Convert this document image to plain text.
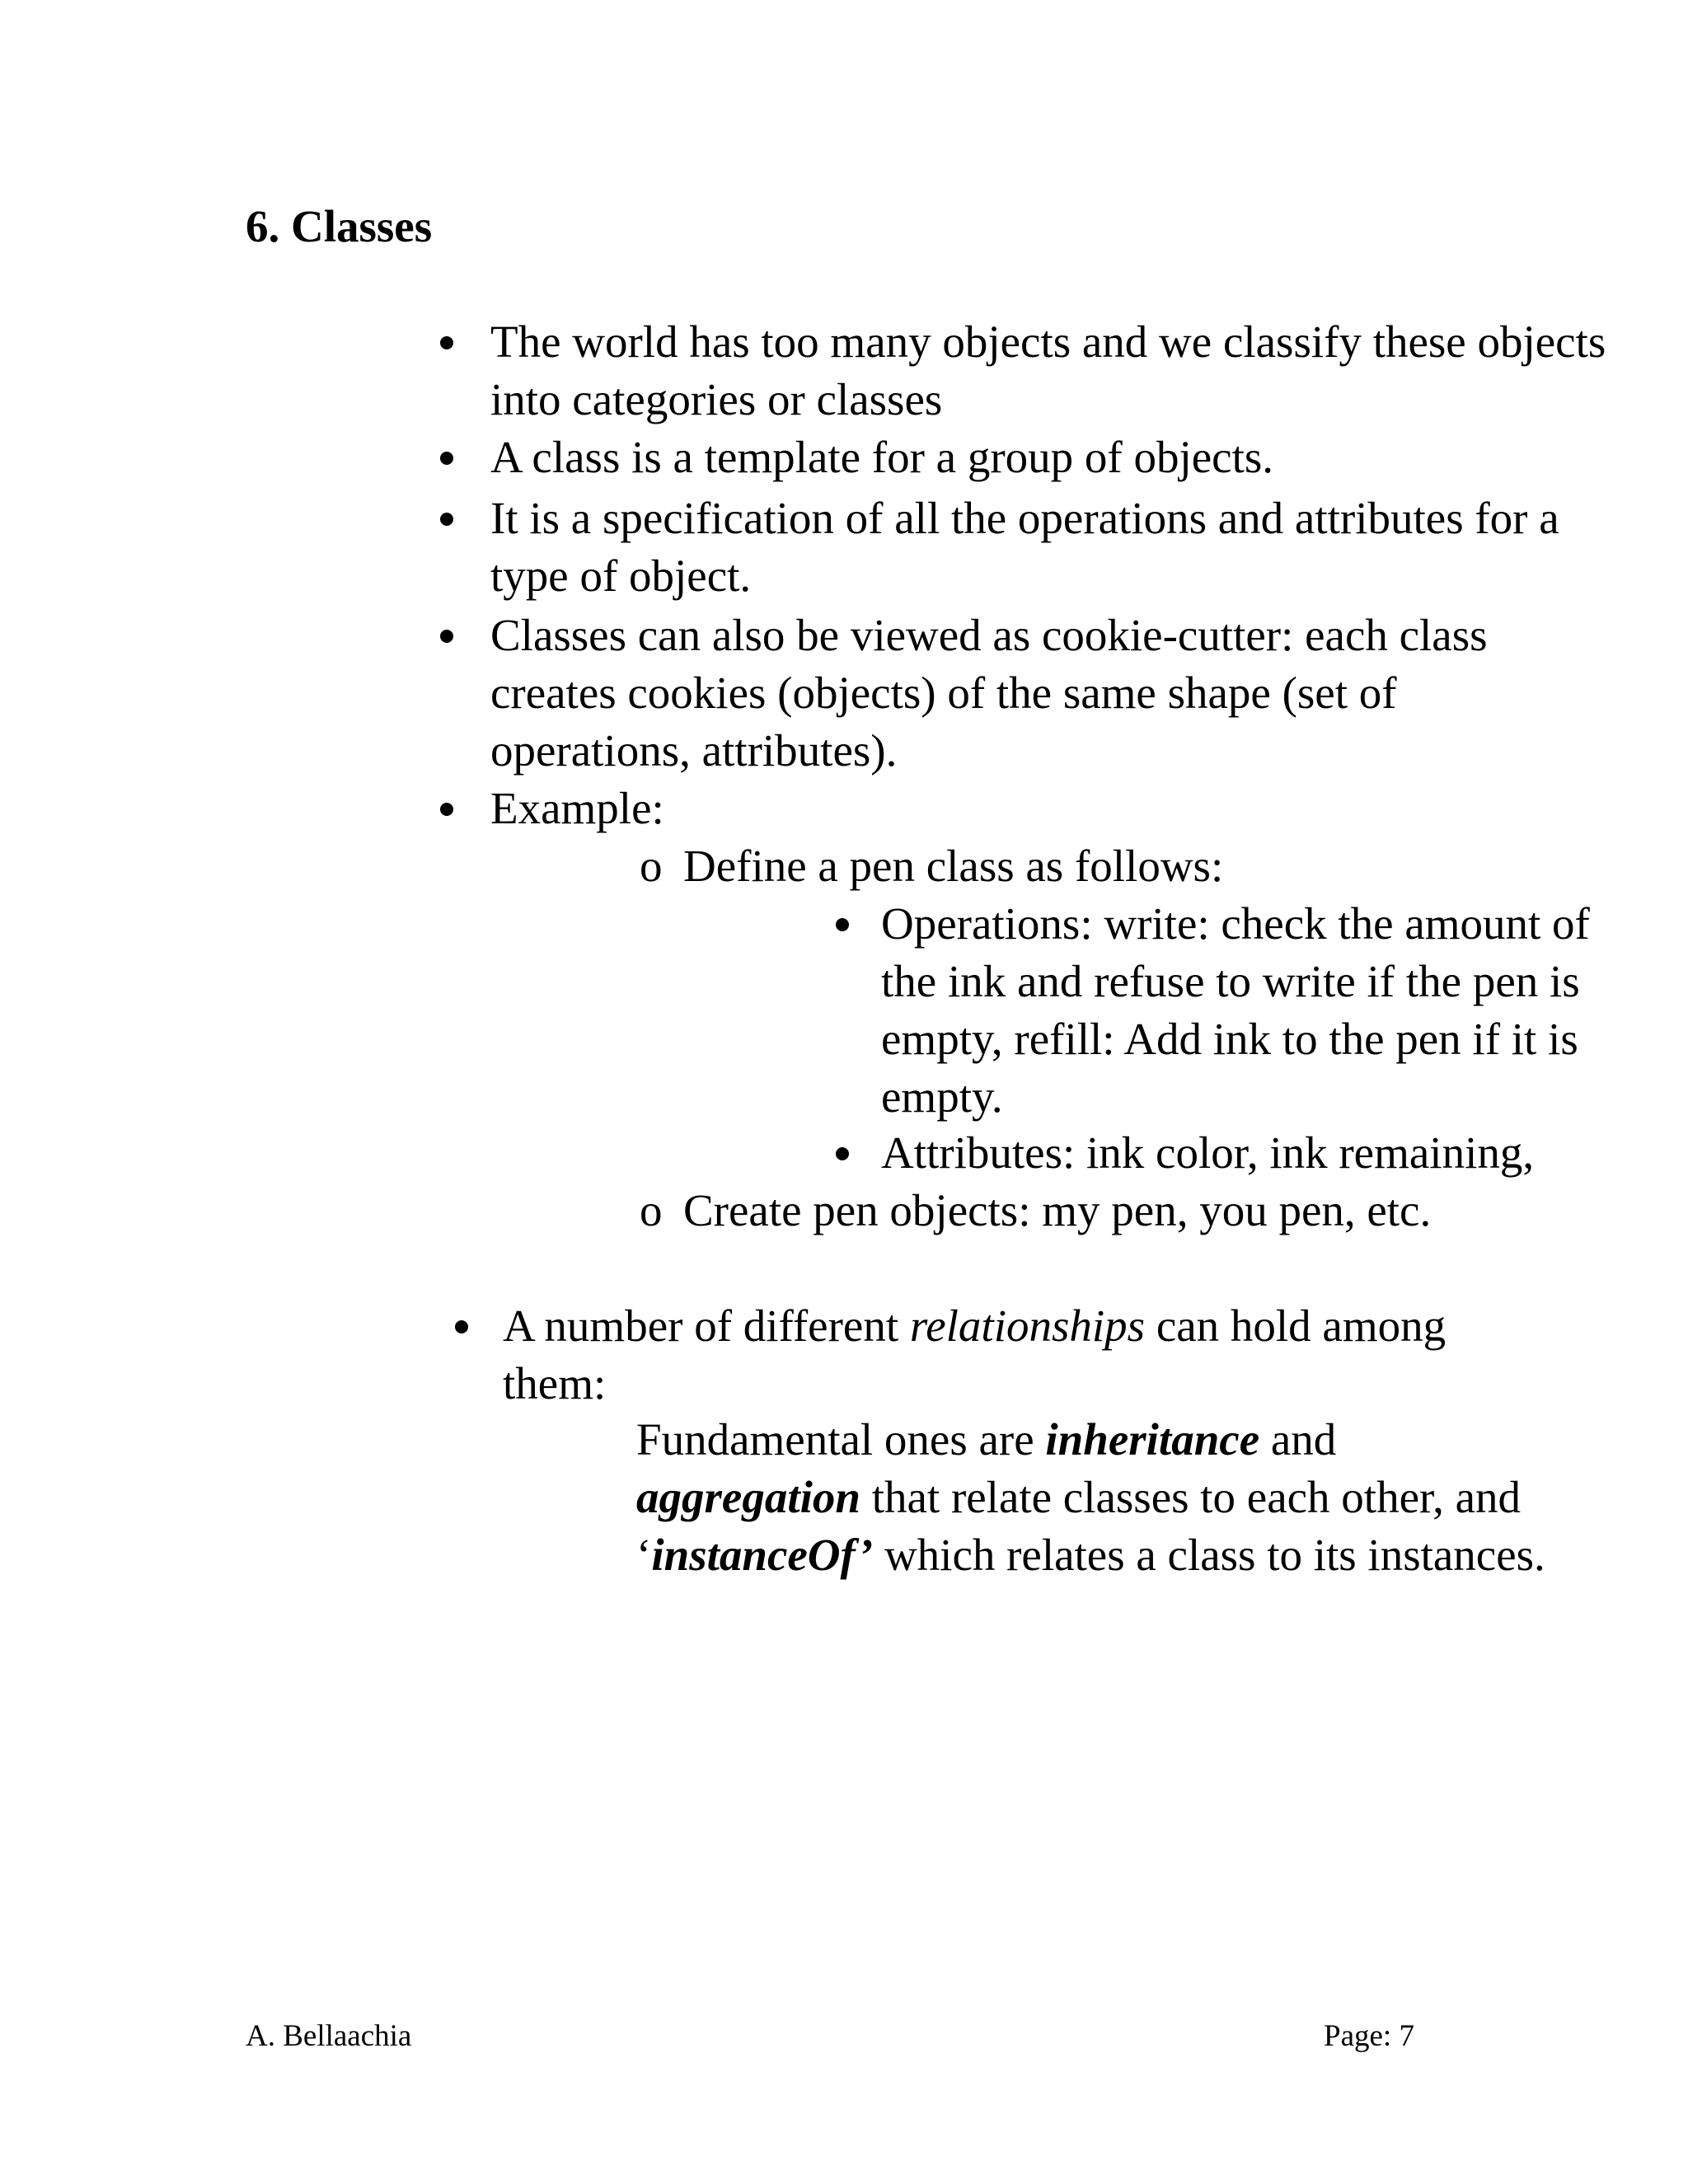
6. Classes
The world has too many objects and we classify these objects into categories or classes
A class is a template for a group of objects.
It is a specification of all the operations and attributes for a type of object.
Classes can also be viewed as cookie-cutter: each class creates cookies (objects) of the same shape (set of operations, attributes).
Example:
o Define a pen class as follows:
Operations: write: check the amount of the ink and refuse to write if the pen is empty, refill: Add ink to the pen if it is empty.
Attributes: ink color, ink remaining,
o Create pen objects: my pen, you pen, etc.
A number of different relationships can hold among them:
Fundamental ones are inheritance and
aggregation that relate classes to each other, and
‘instanceOf’ which relates a class to its instances.
A. Bellaachia	Page: 7
